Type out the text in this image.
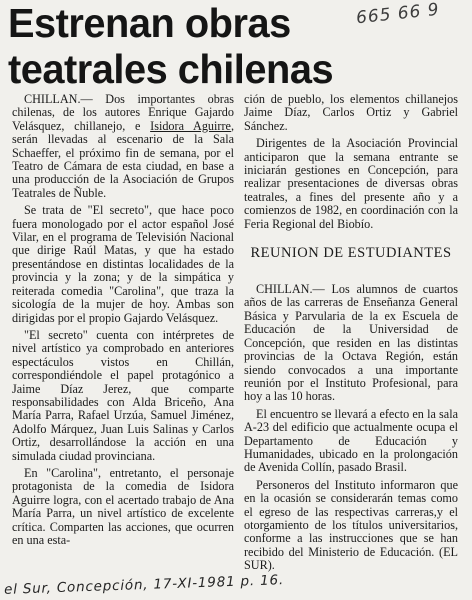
Estrenan obras
teatrales chilenas
665 66 9

CHILLAN.— Dos importantes obras chilenas, de los autores Enrique Gajardo Velásquez, chillanejo, e Isidora Aguirre, serán llevadas al escenario de la Sala Schaeffer, el próximo fin de semana, por el Teatro de Cámara de esta ciudad, en base a una producción de la Asociación de Grupos Teatrales de Ñuble.

Se trata de "El secreto", que hace poco fuera monologado por el actor español José Vilar, en el programa de Televisión Nacional que dirige Raúl Matas, y que ha estado presentándose en distintas localidades de la provincia y la zona; y de la simpática y reiterada comedia "Carolina", que traza la sicología de la mujer de hoy. Ambas son dirigidas por el propio Gajardo Velásquez.

"El secreto" cuenta con intérpretes de nivel artístico ya comprobado en anteriores espectáculos vistos en Chillán, correspondiéndole el papel protagónico a Jaime Díaz Jerez, que comparte responsabilidades con Alda Briceño, Ana María Parra, Rafael Urzúa, Samuel Jiménez, Adolfo Márquez, Juan Luis Salinas y Carlos Ortiz, desarrollándose la acción en una simulada ciudad provinciana.

En "Carolina", entretanto, el personaje protagonista de la comedia de Isidora Aguirre logra, con el acertado trabajo de Ana María Parra, un nivel artístico de excelente crítica. Comparten las acciones, que ocurren en una esta-

ción de pueblo, los elementos chillanejos Jaime Díaz, Carlos Ortiz y Gabriel Sánchez.

Dirigentes de la Asociación Provincial anticiparon que la semana entrante se iniciarán gestiones en Concepción, para realizar presentaciones de diversas obras teatrales, a fines del presente año y a comienzos de 1982, en coordinación con la Feria Regional del Biobío.

REUNION DE ESTUDIANTES

CHILLAN.— Los alumnos de cuartos años de las carreras de Enseñanza General Básica y Parvularia de la ex Escuela de Educación de la Universidad de Concepción, que residen en las distintas provincias de la Octava Región, están siendo convocados a una importante reunión por el Instituto Profesional, para hoy a las 10 horas.

El encuentro se llevará a efecto en la sala A-23 del edificio que actualmente ocupa el Departamento de Educación y Humanidades, ubicado en la prolongación de Avenida Collín, pasado Brasil.

Personeros del Instituto informaron que en la ocasión se considerarán temas como el egreso de las respectivas carreras,y el otorgamiento de los títulos universitarios, conforme a las instrucciones que se han recibido del Ministerio de Educación. (EL SUR).

el Sur, Concepción, 17-XI-1981 p. 16.
